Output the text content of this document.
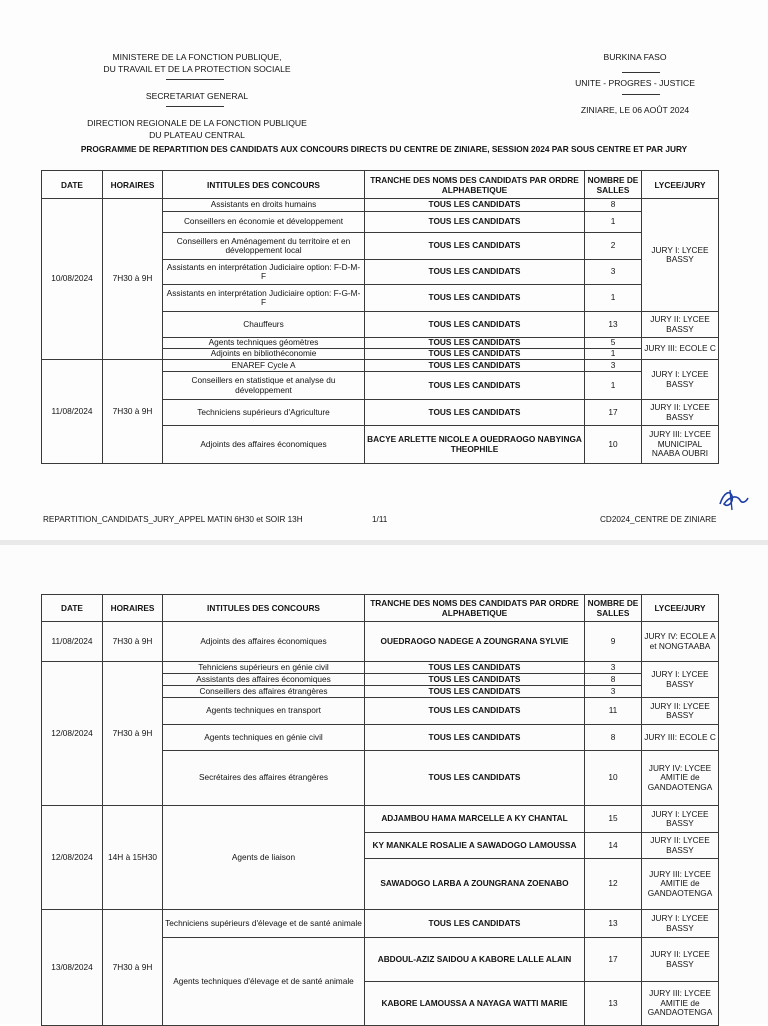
MINISTERE DE LA FONCTION PUBLIQUE,
DU TRAVAIL ET DE LA PROTECTION SOCIALE
SECRETARIAT GENERAL
DIRECTION REGIONALE DE LA FONCTION PUBLIQUE
DU PLATEAU CENTRAL
BURKINA FASO
UNITE - PROGRES - JUSTICE
ZINIARE, LE 06 AOÛT 2024
PROGRAMME DE REPARTITION DES CANDIDATS AUX CONCOURS DIRECTS DU CENTRE DE ZINIARE, SESSION 2024 PAR SOUS CENTRE ET PAR JURY
DATE	HORAIRES	INTITULES DES CONCOURS	TRANCHE DES NOMS DES CANDIDATS PAR ORDRE ALPHABETIQUE	NOMBRE DE SALLES	LYCEE/JURY
10/08/2024	7H30 à 9H	Assistants en droits humains	TOUS LES CANDIDATS	8	JURY I: LYCEE BASSY
		Conseillers en économie et développement	TOUS LES CANDIDATS	1	
		Conseillers en Aménagement du territoire et en développement local	TOUS LES CANDIDATS	2	
		Assistants en interprétation Judiciaire option: F-D-M-F	TOUS LES CANDIDATS	3	
		Assistants en interprétation Judiciaire option: F-G-M-F	TOUS LES CANDIDATS	1	
		Chauffeurs	TOUS LES CANDIDATS	13	JURY II: LYCEE BASSY
		Agents techniques géomètres	TOUS LES CANDIDATS	5	JURY III: ECOLE C
		Adjoints en bibliothéconomie	TOUS LES CANDIDATS	1	
11/08/2024	7H30 à 9H	ENAREF Cycle A	TOUS LES CANDIDATS	3	JURY I: LYCEE BASSY
		Conseillers en statistique et analyse du développement	TOUS LES CANDIDATS	1	
		Techniciens supérieurs d'Agriculture	TOUS LES CANDIDATS	17	JURY II: LYCEE BASSY
		Adjoints des affaires économiques	BACYE ARLETTE NICOLE A OUEDRAOGO NABYINGA THEOPHILE	10	JURY III: LYCEE MUNICIPAL NAABA OUBRI
REPARTITION_CANDIDATS_JURY_APPEL MATIN 6H30 et SOIR 13H	1/11	CD2024_CENTRE DE ZINIARE
DATE	HORAIRES	INTITULES DES CONCOURS	TRANCHE DES NOMS DES CANDIDATS PAR ORDRE ALPHABETIQUE	NOMBRE DE SALLES	LYCEE/JURY
11/08/2024	7H30 à 9H	Adjoints des affaires économiques	OUEDRAOGO NADEGE A ZOUNGRANA SYLVIE	9	JURY IV: ECOLE A et NONGTAABA
12/08/2024	7H30 à 9H	Tehniciens supérieurs en génie civil	TOUS LES CANDIDATS	3	JURY I: LYCEE BASSY
		Assistants des affaires économiques	TOUS LES CANDIDATS	8	
		Conseillers des affaires étrangères	TOUS LES CANDIDATS	3	
		Agents techniques en transport	TOUS LES CANDIDATS	11	JURY II: LYCEE BASSY
		Agents techniques en génie civil	TOUS LES CANDIDATS	8	JURY III: ECOLE C
		Secrétaires des affaires étrangères	TOUS LES CANDIDATS	10	JURY IV: LYCEE AMITIE de GANDAOTENGA
12/08/2024	14H à 15H30	Agents de liaison	ADJAMBOU HAMA MARCELLE A KY CHANTAL	15	JURY I: LYCEE BASSY
			KY MANKALE ROSALIE A SAWADOGO LAMOUSSA	14	JURY II: LYCEE BASSY
			SAWADOGO LARBA A ZOUNGRANA ZOENABO	12	JURY III: LYCEE AMITIE de GANDAOTENGA
13/08/2024	7H30 à 9H	Techniciens supérieurs d'élevage et de santé animale	TOUS LES CANDIDATS	13	JURY I: LYCEE BASSY
		Agents techniques d'élevage et de santé animale	ABDOUL-AZIZ SAIDOU A KABORE LALLE ALAIN	17	JURY II: LYCEE BASSY
			KABORE LAMOUSSA A NAYAGA WATTI MARIE	13	JURY III: LYCEE AMITIE de GANDAOTENGA
